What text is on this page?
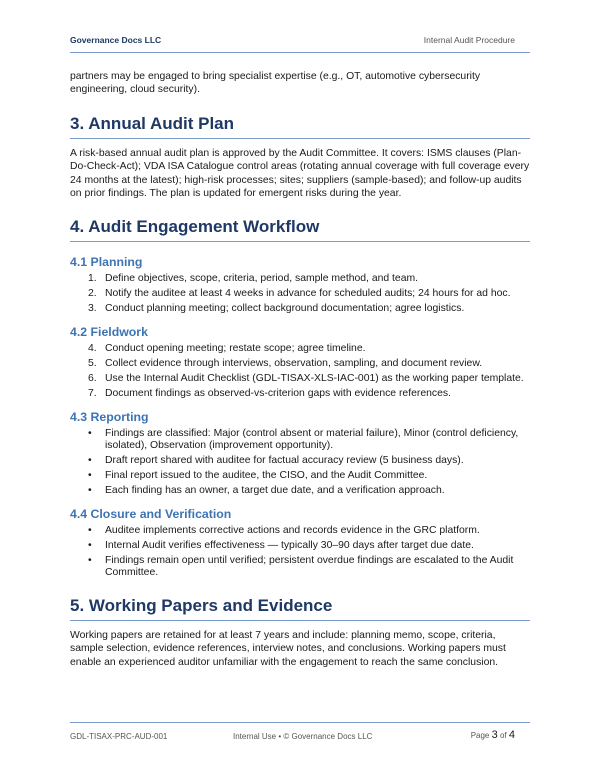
Governance Docs LLC	Internal Audit Procedure

partners may be engaged to bring specialist expertise (e.g., OT, automotive cybersecurity engineering, cloud security).

3. Annual Audit Plan

A risk-based annual audit plan is approved by the Audit Committee. It covers: ISMS clauses (Plan-Do-Check-Act); VDA ISA Catalogue control areas (rotating annual coverage with full coverage every 24 months at the latest); high-risk processes; sites; suppliers (sample-based); and follow-up audits on prior findings. The plan is updated for emergent risks during the year.

4. Audit Engagement Workflow
4.1 Planning
1. Define objectives, scope, criteria, period, sample method, and team.
2. Notify the auditee at least 4 weeks in advance for scheduled audits; 24 hours for ad hoc.
3. Conduct planning meeting; collect background documentation; agree logistics.
4.2 Fieldwork
4. Conduct opening meeting; restate scope; agree timeline.
5. Collect evidence through interviews, observation, sampling, and document review.
6. Use the Internal Audit Checklist (GDL-TISAX-XLS-IAC-001) as the working paper template.
7. Document findings as observed-vs-criterion gaps with evidence references.
4.3 Reporting
• Findings are classified: Major (control absent or material failure), Minor (control deficiency, isolated), Observation (improvement opportunity).
• Draft report shared with auditee for factual accuracy review (5 business days).
• Final report issued to the auditee, the CISO, and the Audit Committee.
• Each finding has an owner, a target due date, and a verification approach.
4.4 Closure and Verification
• Auditee implements corrective actions and records evidence in the GRC platform.
• Internal Audit verifies effectiveness — typically 30–90 days after target due date.
• Findings remain open until verified; persistent overdue findings are escalated to the Audit Committee.
5. Working Papers and Evidence

Working papers are retained for at least 7 years and include: planning memo, scope, criteria, sample selection, evidence references, interview notes, and conclusions. Working papers must enable an experienced auditor unfamiliar with the engagement to reach the same conclusion.

GDL-TISAX-PRC-AUD-001	Internal Use • © Governance Docs LLC	Page 3 of 4
